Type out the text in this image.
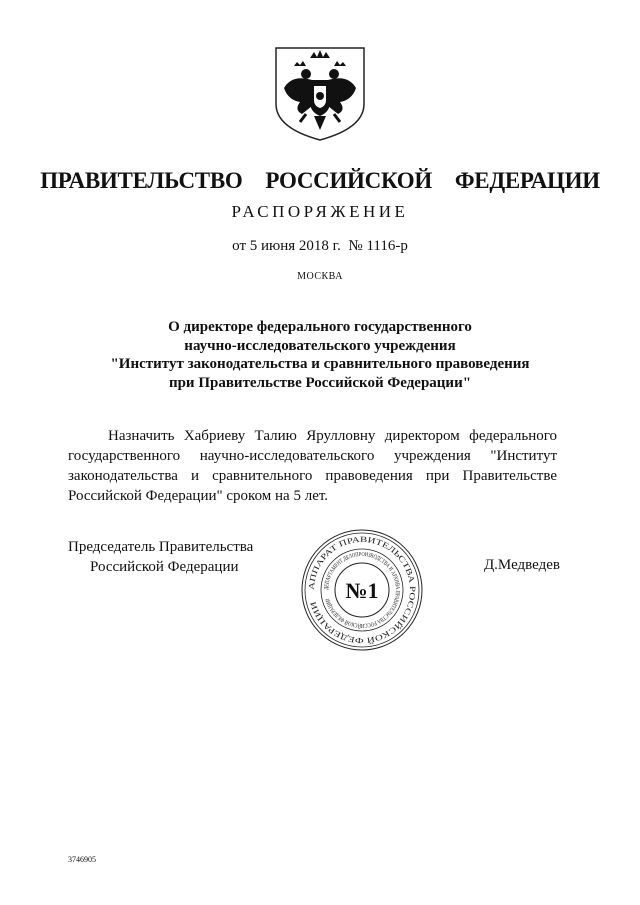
ПРАВИТЕЛЬСТВО  РОССИЙСКОЙ  ФЕДЕРАЦИИ
РАСПОРЯЖЕНИЕ
от 5 июня 2018 г.  № 1116-р
МОСКВА
О директоре федерального государственного
научно-исследовательского учреждения
"Институт законодательства и сравнительного правоведения
при Правительстве Российской Федерации"
Назначить Хабриеву Талию Ярулловну директором федерального государственного научно-исследовательского учреждения "Институт законодательства и сравнительного правоведения при Правительстве Российской Федерации" сроком на 5 лет.
Председатель Правительства
Российской Федерации	Д.Медведев
АППАРАТ ПРАВИТЕЛЬСТВА РОССИЙСКОЙ ФЕДЕРАЦИИ
ДЕПАРТАМЕНТ ДЕЛОПРОИЗВОДСТВА И АРХИВА ПРАВИТЕЛЬСТВА РОССИЙСКОЙ ФЕДЕРАЦИИ №1
3746905
